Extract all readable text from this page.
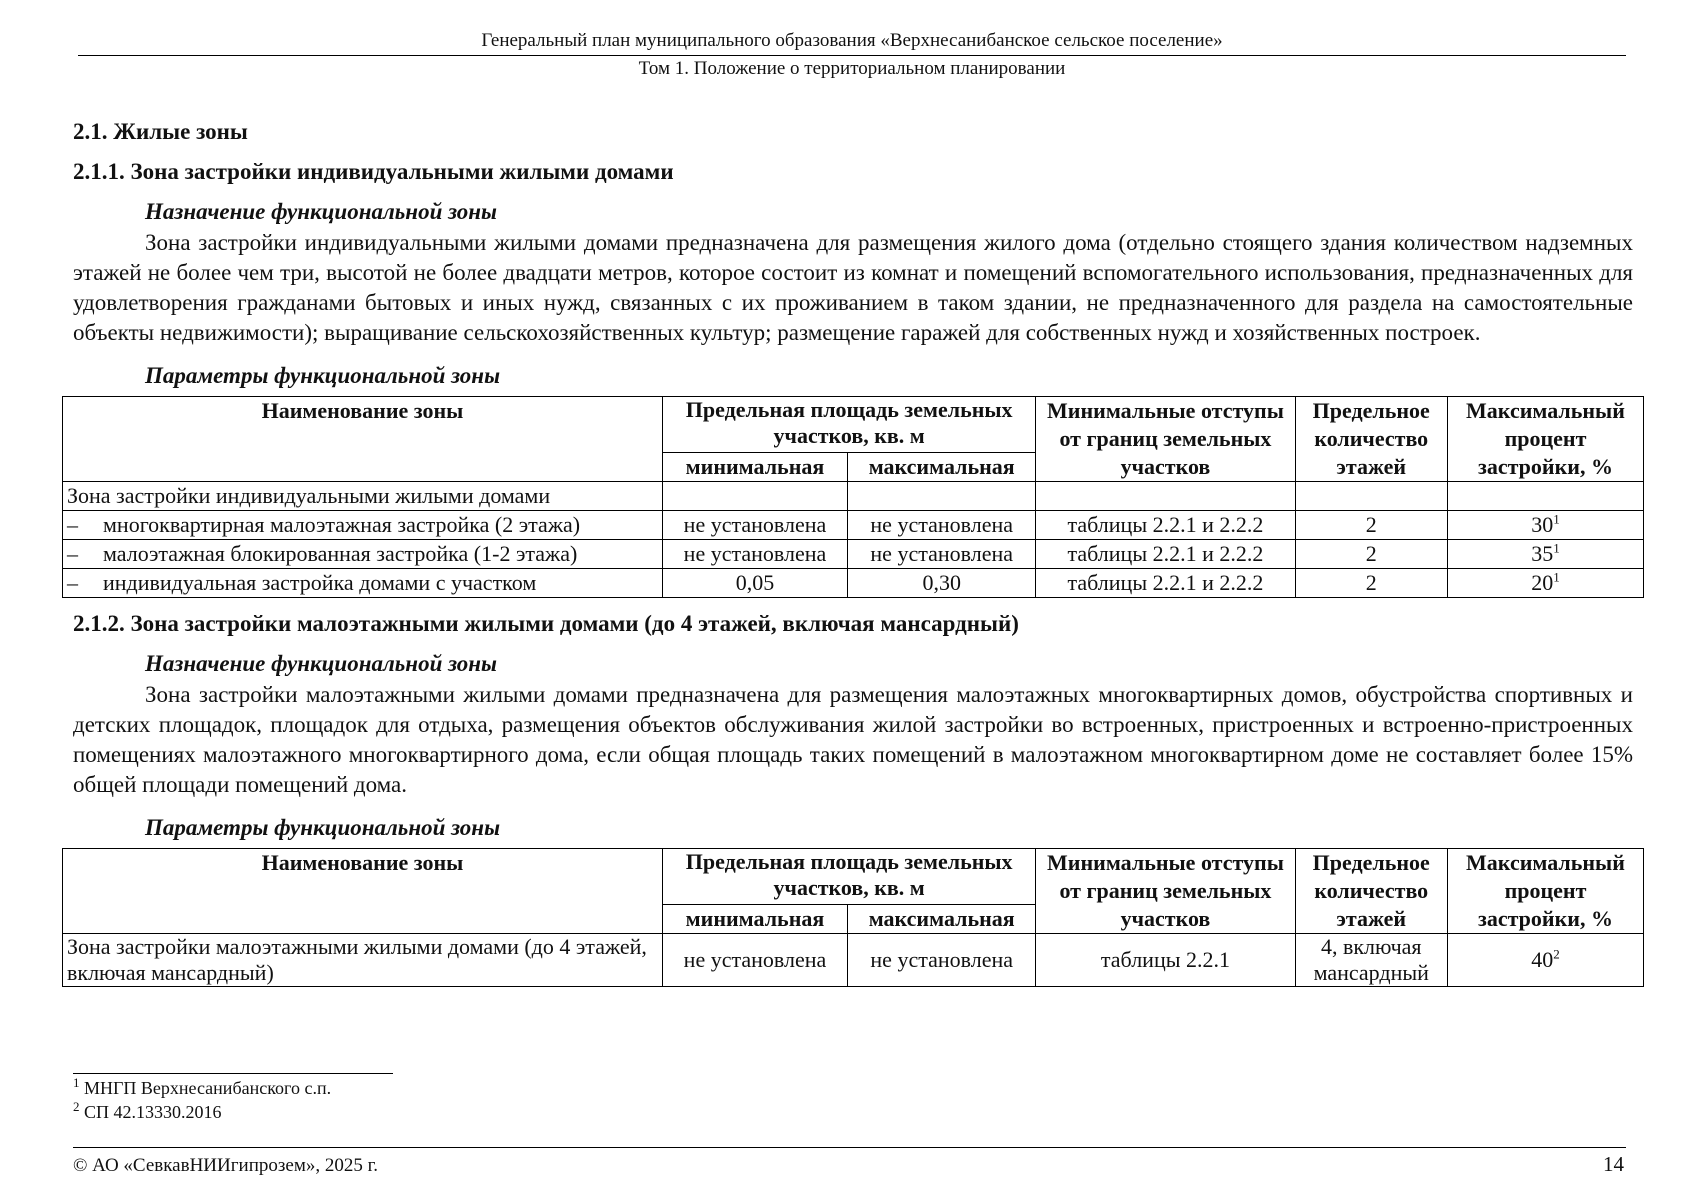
Генеральный план муниципального образования «Верхнесанибанское сельское поселение»
Том 1. Положение о территориальном планировании
2.1. Жилые зоны
2.1.1. Зона застройки индивидуальными жилыми домами
Назначение функциональной зоны

Зона застройки индивидуальными жилыми домами предназначена для размещения жилого дома (отдельно стоящего здания количеством надземных этажей не более чем три, высотой не более двадцати метров, которое состоит из комнат и помещений вспомогательного использования, предназначенных для удовлетворения гражданами бытовых и иных нужд, связанных с их проживанием в таком здании, не предназначенного для раздела на самостоятельные объекты недвижимости); выращивание сельскохозяйственных культур; размещение гаражей для собственных нужд и хозяйственных построек.

Параметры функциональной зоны
Наименование зоны	Предельная площадь земельных участков, кв. м		Минимальные отступы от границ земельных участков	Предельное количество этажей	Максимальный процент застройки, %
	минимальная	максимальная			
Зона застройки индивидуальными жилыми домами					
– многоквартирная малоэтажная застройка (2 этажа)	не установлена	не установлена	таблицы 2.2.1 и 2.2.2	2	$30^1$
– малоэтажная блокированная застройка (1-2 этажа)	не установлена	не установлена	таблицы 2.2.1 и 2.2.2	2	$35^1$
– индивидуальная застройка домами с участком	0,05	0,30	таблицы 2.2.1 и 2.2.2	2	$20^1$
2.1.2. Зона застройки малоэтажными жилыми домами (до 4 этажей, включая мансардный)
Назначение функциональной зоны

Зона застройки малоэтажными жилыми домами предназначена для размещения малоэтажных многоквартирных домов, обустройства спортивных и детских площадок, площадок для отдыха, размещения объектов обслуживания жилой застройки во встроенных, пристроенных и встроенно-пристроенных помещениях малоэтажного многоквартирного дома, если общая площадь таких помещений в малоэтажном многоквартирном доме не составляет более 15% общей площади помещений дома.

Параметры функциональной зоны
Наименование зоны	Предельная площадь земельных участков, кв. м		Минимальные отступы от границ земельных участков	Предельное количество этажей	Максимальный процент застройки, %
	минимальная	максимальная			
Зона застройки малоэтажными жилыми домами (до 4 этажей, включая мансардный)	не установлена	не установлена	таблицы 2.2.1	4, включая мансардный	$40^2$
$^1$ МНГП Верхнесанибанского с.п.
$^2$ СП 42.13330.2016
© АО «СевкавНИИгипрозем», 2025 г.	14
